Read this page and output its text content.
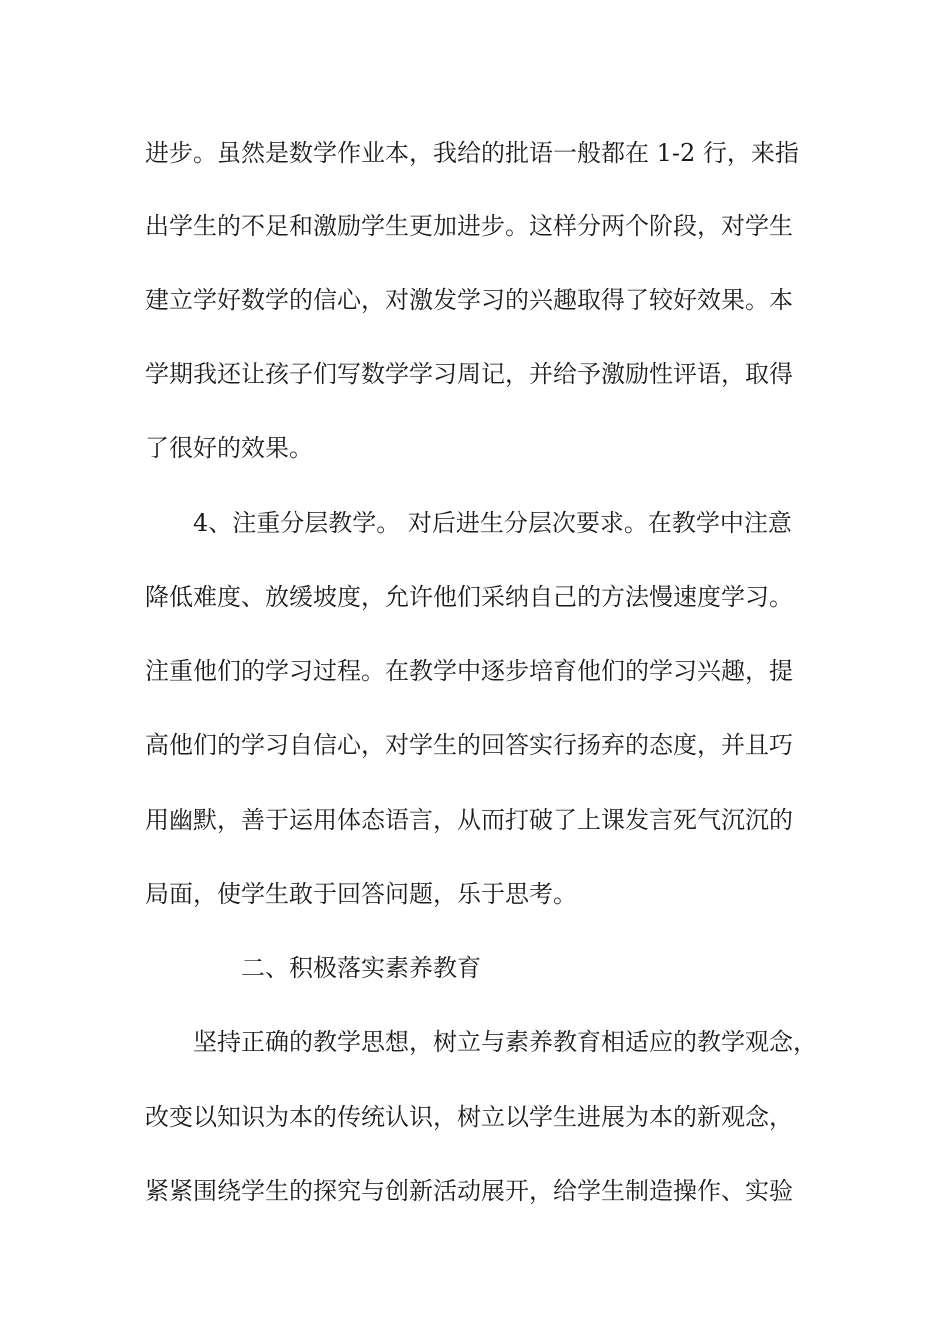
进步。虽然是数学作业本，我给的批语一般都在 1-2 行，来指
出学生的不足和激励学生更加进步。这样分两个阶段，对学生
建立学好数学的信心，对激发学习的兴趣取得了较好效果。本
学期我还让孩子们写数学学习周记，并给予激励性评语，取得
了很好的效果。
4、注重分层教学。 对后进生分层次要求。在教学中注意
降低难度、放缓坡度，允许他们采纳自己的方法慢速度学习。
注重他们的学习过程。在教学中逐步培育他们的学习兴趣，提
高他们的学习自信心，对学生的回答实行扬弃的态度，并且巧
用幽默，善于运用体态语言，从而打破了上课发言死气沉沉的
局面，使学生敢于回答问题，乐于思考。
二、积极落实素养教育
坚持正确的教学思想，树立与素养教育相适应的教学观念，
改变以知识为本的传统认识，树立以学生进展为本的新观念，
紧紧围绕学生的探究与创新活动展开，给学生制造操作、实验
